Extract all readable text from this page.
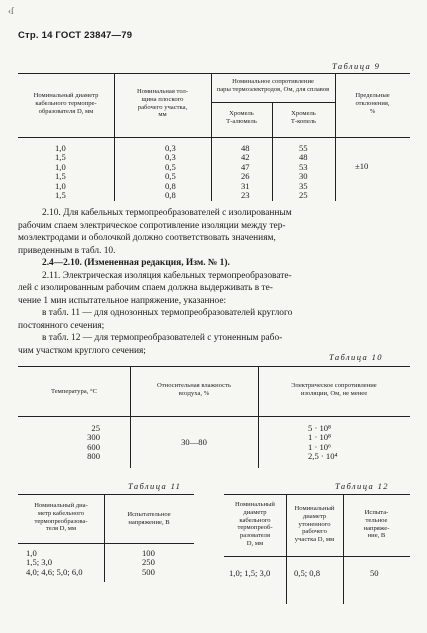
‹ſ
Стр. 14 ГОСТ 23847—79
Таблица 9
Номинальный диаметр
кабельного термопре-
образователя D, мм
Номинальная тол-
щина плоского
рабочего участка,
мм
Номинальное сопротивление
пары термоэлектродов, Ом, для сплавов
Хромель
Т-алюмель
Хромель
Т-копель
Предельные
отклонения,
%
1,0
1,5
1,0
1,5
1,0
1,5
0,3
0,3
0,5
0,5
0,8
0,8
48
42
47
26
31
23
55
48
53
30
35
25
±10
2.10. Для кабельных термопреобразователей с изолированным
рабочим спаем электрическое сопротивление изоляции между тер-
моэлектродами и оболочкой должно соответствовать значениям,
приведенным в табл. 10.
2.4—2.10. (Измененная редакция, Изм. № 1).
2.11. Электрическая изоляция кабельных термопреобразовате-
лей с изолированным рабочим спаем должна выдерживать в те-
чение 1 мин испытательное напряжение, указанное:
в табл. 11 — для однозонных термопреобразователей круглого
постоянного сечения;
в табл. 12 — для термопреобразователей с утоненным рабо-
чим участком круглого сечения;
Таблица 10
Температура, °С
Относительная влажность
воздуха, %
Электрическое сопротивление
изоляции, Ом, не менее
25
300
600
800
30—80
5 · 10⁸
1 · 10⁸
1 · 10⁶
2,5 · 10⁴
Таблица 11
Номинальный диа-
метр кабельного
термопреобразова-
теля D, мм
Испытательное
напряжение, В
1,0
1,5; 3,0
4,0; 4,6; 5,0; 6,0
100
250
500
Таблица 12
Номинальный
диаметр
кабельного
термопреоб-
разователя
D, мм
Номинальный
диаметр
утоненного
рабочего
участка D, мм
Испыта-
тельное
напряже-
ние, В
1,0; 1,5; 3,0	0,5; 0,8	50
